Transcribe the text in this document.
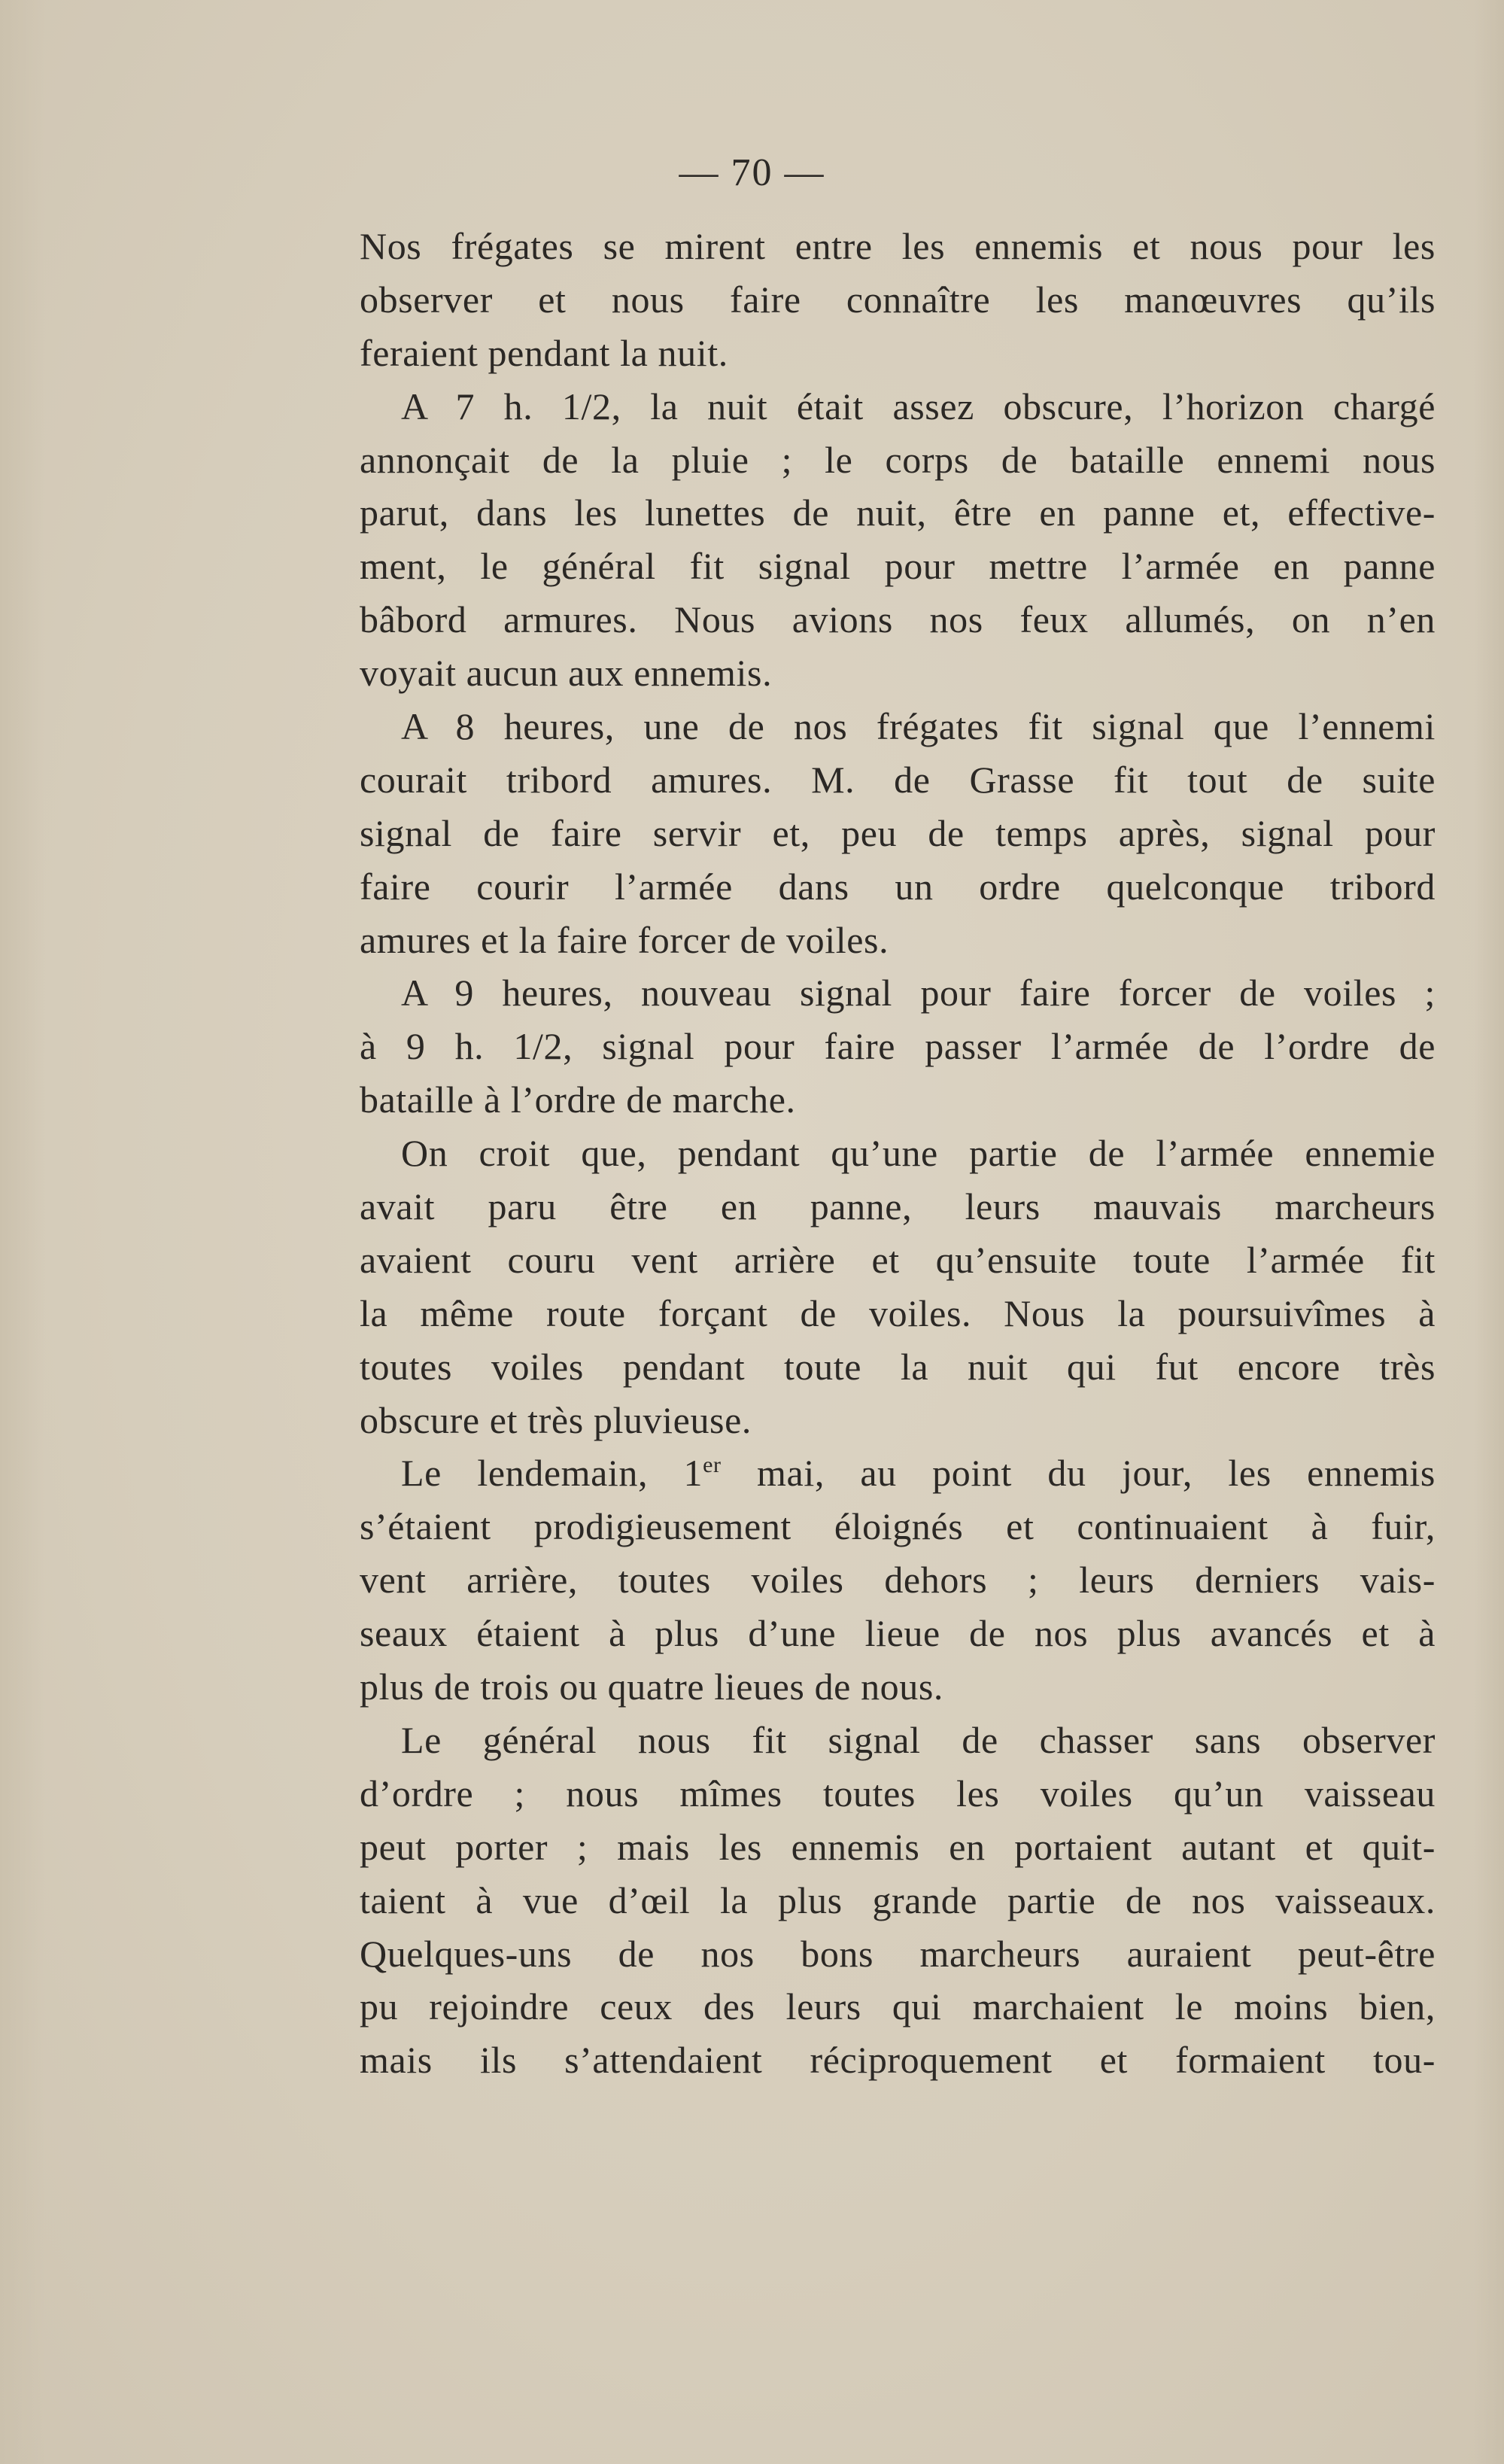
— 70 —
Nos frégates se mirent entre les ennemis et nous pour les
observer et nous faire connaître les manœuvres qu’ils
feraient pendant la nuit.
A 7 h. 1/2, la nuit était assez obscure, l’horizon chargé
annonçait de la pluie ; le corps de bataille ennemi nous
parut, dans les lunettes de nuit, être en panne et, effective-
ment, le général fit signal pour mettre l’armée en panne
bâbord armures. Nous avions nos feux allumés, on n’en
voyait aucun aux ennemis.
A 8 heures, une de nos frégates fit signal que l’ennemi
courait tribord amures. M. de Grasse fit tout de suite
signal de faire servir et, peu de temps après, signal pour
faire courir l’armée dans un ordre quelconque tribord
amures et la faire forcer de voiles.
A 9 heures, nouveau signal pour faire forcer de voiles ;
à 9 h. 1/2, signal pour faire passer l’armée de l’ordre de
bataille à l’ordre de marche.
On croit que, pendant qu’une partie de l’armée ennemie
avait paru être en panne, leurs mauvais marcheurs
avaient couru vent arrière et qu’ensuite toute l’armée fit
la même route forçant de voiles. Nous la poursuivîmes à
toutes voiles pendant toute la nuit qui fut encore très
obscure et très pluvieuse.
Le lendemain, 1er mai, au point du jour, les ennemis
s’étaient prodigieusement éloignés et continuaient à fuir,
vent arrière, toutes voiles dehors ; leurs derniers vais-
seaux étaient à plus d’une lieue de nos plus avancés et à
plus de trois ou quatre lieues de nous.
Le général nous fit signal de chasser sans observer
d’ordre ; nous mîmes toutes les voiles qu’un vaisseau
peut porter ; mais les ennemis en portaient autant et quit-
taient à vue d’œil la plus grande partie de nos vaisseaux.
Quelques-uns de nos bons marcheurs auraient peut-être
pu rejoindre ceux des leurs qui marchaient le moins bien,
mais ils s’attendaient réciproquement et formaient tou-
